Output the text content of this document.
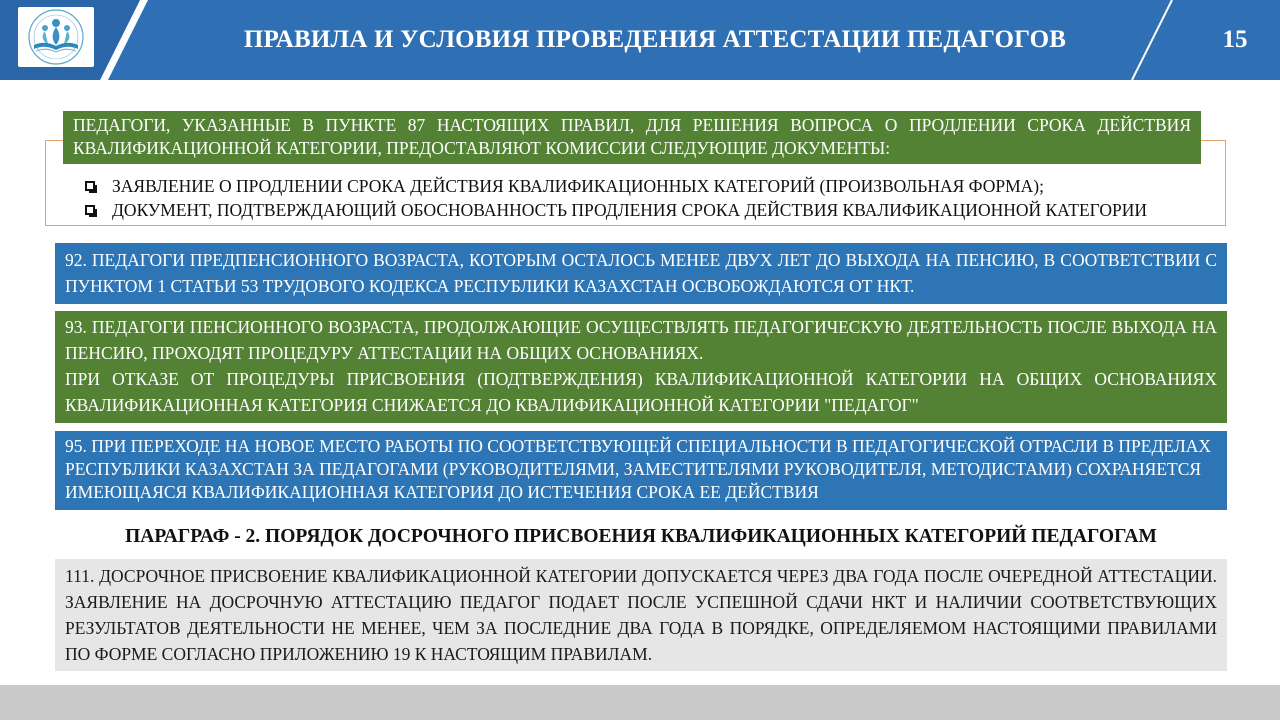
ПРАВИЛА И УСЛОВИЯ ПРОВЕДЕНИЯ АТТЕСТАЦИИ ПЕДАГОГОВ	15
ПЕДАГОГИ, УКАЗАННЫЕ В ПУНКТЕ 87 НАСТОЯЩИХ ПРАВИЛ, ДЛЯ РЕШЕНИЯ ВОПРОСА О ПРОДЛЕНИИ СРОКА ДЕЙСТВИЯ КВАЛИФИКАЦИОННОЙ КАТЕГОРИИ, ПРЕДОСТАВЛЯЮТ КОМИССИИ СЛЕДУЮЩИЕ ДОКУМЕНТЫ:
ЗАЯВЛЕНИЕ О ПРОДЛЕНИИ СРОКА ДЕЙСТВИЯ КВАЛИФИКАЦИОННЫХ КАТЕГОРИЙ (ПРОИЗВОЛЬНАЯ ФОРМА);
ДОКУМЕНТ, ПОДТВЕРЖДАЮЩИЙ ОБОСНОВАННОСТЬ ПРОДЛЕНИЯ СРОКА ДЕЙСТВИЯ КВАЛИФИКАЦИОННОЙ КАТЕГОРИИ
92. ПЕДАГОГИ ПРЕДПЕНСИОННОГО ВОЗРАСТА, КОТОРЫМ ОСТАЛОСЬ МЕНЕЕ ДВУХ ЛЕТ ДО ВЫХОДА НА ПЕНСИЮ, В СООТВЕТСТВИИ С ПУНКТОМ 1 СТАТЬИ 53 ТРУДОВОГО КОДЕКСА РЕСПУБЛИКИ КАЗАХСТАН ОСВОБОЖДАЮТСЯ ОТ НКТ.
93. ПЕДАГОГИ ПЕНСИОННОГО ВОЗРАСТА, ПРОДОЛЖАЮЩИЕ ОСУЩЕСТВЛЯТЬ ПЕДАГОГИЧЕСКУЮ ДЕЯТЕЛЬНОСТЬ ПОСЛЕ ВЫХОДА НА ПЕНСИЮ, ПРОХОДЯТ ПРОЦЕДУРУ АТТЕСТАЦИИ НА ОБЩИХ ОСНОВАНИЯХ.
ПРИ ОТКАЗЕ ОТ ПРОЦЕДУРЫ ПРИСВОЕНИЯ (ПОДТВЕРЖДЕНИЯ) КВАЛИФИКАЦИОННОЙ КАТЕГОРИИ НА ОБЩИХ ОСНОВАНИЯХ КВАЛИФИКАЦИОННАЯ КАТЕГОРИЯ СНИЖАЕТСЯ ДО КВАЛИФИКАЦИОННОЙ КАТЕГОРИИ "ПЕДАГОГ"
95. ПРИ ПЕРЕХОДЕ НА НОВОЕ МЕСТО РАБОТЫ ПО СООТВЕТСТВУЮЩЕЙ СПЕЦИАЛЬНОСТИ В ПЕДАГОГИЧЕСКОЙ ОТРАСЛИ В ПРЕДЕЛАХ РЕСПУБЛИКИ КАЗАХСТАН ЗА ПЕДАГОГАМИ (РУКОВОДИТЕЛЯМИ, ЗАМЕСТИТЕЛЯМИ РУКОВОДИТЕЛЯ, МЕТОДИСТАМИ) СОХРАНЯЕТСЯ ИМЕЮЩАЯСЯ КВАЛИФИКАЦИОННАЯ КАТЕГОРИЯ ДО ИСТЕЧЕНИЯ СРОКА ЕЕ ДЕЙСТВИЯ
ПАРАГРАФ - 2. ПОРЯДОК ДОСРОЧНОГО ПРИСВОЕНИЯ КВАЛИФИКАЦИОННЫХ КАТЕГОРИЙ ПЕДАГОГАМ
111. ДОСРОЧНОЕ ПРИСВОЕНИЕ КВАЛИФИКАЦИОННОЙ КАТЕГОРИИ ДОПУСКАЕТСЯ ЧЕРЕЗ ДВА ГОДА ПОСЛЕ ОЧЕРЕДНОЙ АТТЕСТАЦИИ. ЗАЯВЛЕНИЕ НА ДОСРОЧНУЮ АТТЕСТАЦИЮ ПЕДАГОГ ПОДАЕТ ПОСЛЕ УСПЕШНОЙ СДАЧИ НКТ И НАЛИЧИИ СООТВЕТСТВУЮЩИХ РЕЗУЛЬТАТОВ ДЕЯТЕЛЬНОСТИ НЕ МЕНЕЕ, ЧЕМ ЗА ПОСЛЕДНИЕ ДВА ГОДА В ПОРЯДКЕ, ОПРЕДЕЛЯЕМОМ НАСТОЯЩИМИ ПРАВИЛАМИ ПО ФОРМЕ СОГЛАСНО ПРИЛОЖЕНИЮ 19 К НАСТОЯЩИМ ПРАВИЛАМ.
